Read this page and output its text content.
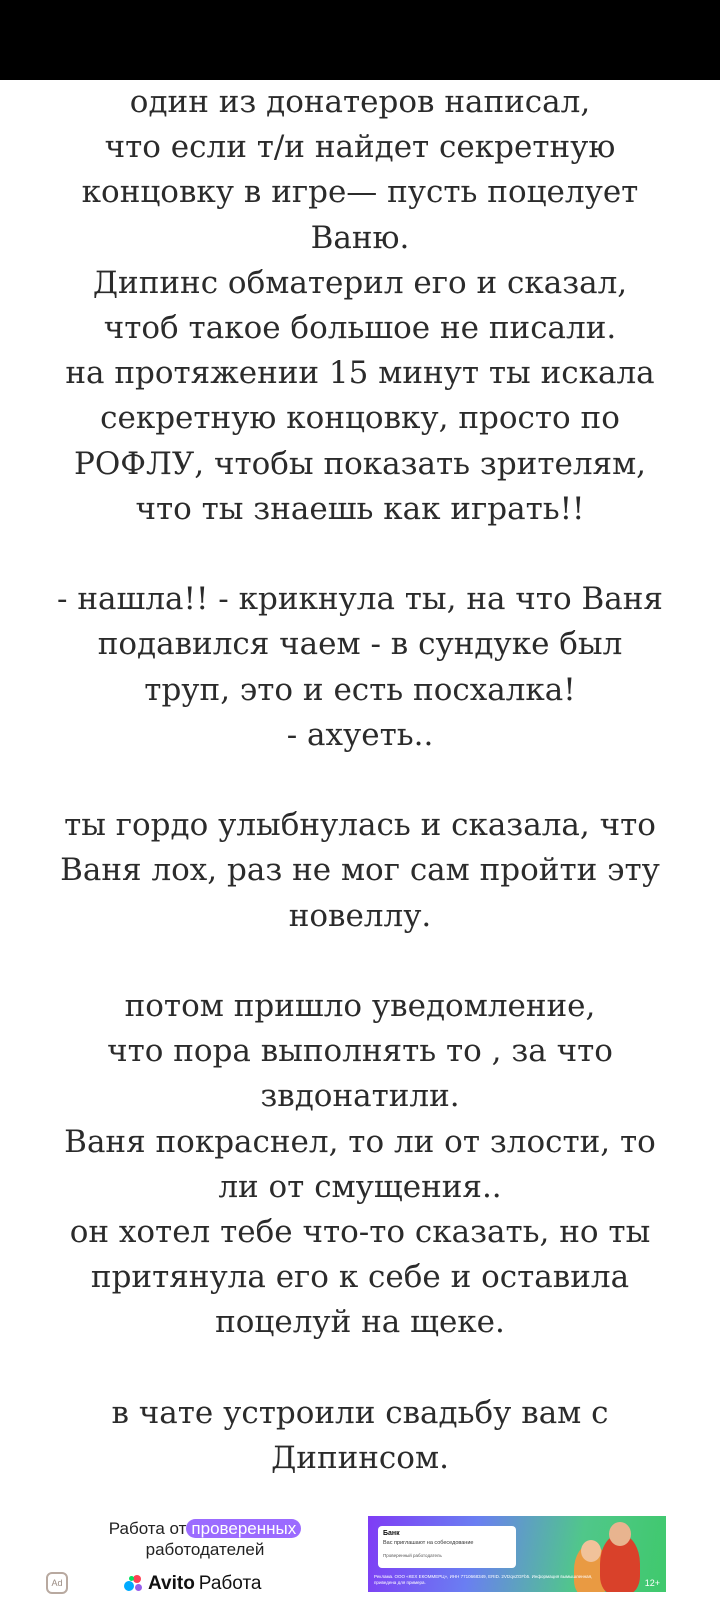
один из донатеров написал,
что если т/и найдет секретную
концовку в игре— пусть поцелует
Ваню.
Дипинс обматерил его и сказал,
чтоб такое большое не писали.
на протяжении 15 минут ты искала
секретную концовку, просто по
РОФЛУ, чтобы показать зрителям,
что ты знаешь как играть!!
- нашла!! - крикнула ты, на что Ваня
подавился чаем - в сундуке был
труп, это и есть посхалка!
- ахуеть..
ты гордо улыбнулась и сказала, что
Ваня лох, раз не мог сам пройти эту
новеллу.
потом пришло уведомление,
что пора выполнять то , за что
звдонатили.
Ваня покраснел, то ли от злости, то
ли от смущения..
он хотел тебе что-то сказать, но ты
притянула его к себе и оставила
поцелуй на щеке.
в чате устроили свадьбу вам с
Дипинсом.
Работа от проверенных
работодателей
Avito Работа
Ad
Банк
Вас приглашают на собеседование
Проверенный работодатель
Реклама. ООО «КЕХ ЕКОММЕРЦ», ИНН 7710668349, ERID. 2VtzqvZGFb5. Информация вымышленная, приведена для примера.	12+
